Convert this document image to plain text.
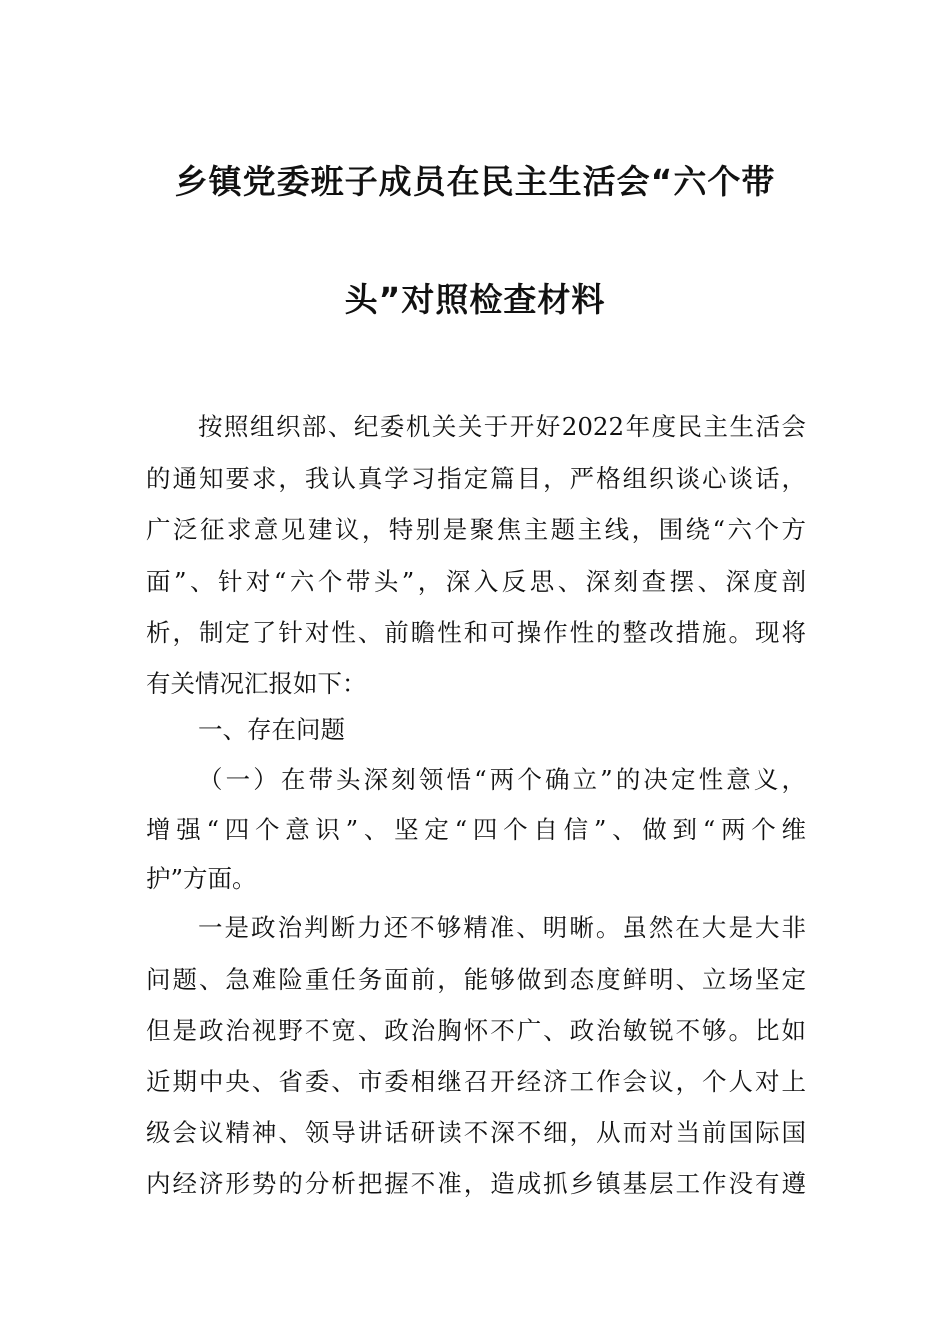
乡镇党委班子成员在民主生活会“六个带
头”对照检查材料
按照组织部、纪委机关关于开好2022年度民主生活会
的通知要求，我认真学习指定篇目，严格组织谈心谈话，
广泛征求意见建议，特别是聚焦主题主线，围绕“六个方
面”、针对“六个带头”，深入反思、深刻查摆、深度剖
析，制定了针对性、前瞻性和可操作性的整改措施。现将
有关情况汇报如下：
一、存在问题
（一）在带头深刻领悟“两个确立”的决定性意义，
增强“四个意识”、坚定“四个自信”、做到“两个维
护”方面。
一是政治判断力还不够精准、明晰。虽然在大是大非
问题、急难险重任务面前，能够做到态度鲜明、立场坚定
但是政治视野不宽、政治胸怀不广、政治敏锐不够。比如
近期中央、省委、市委相继召开经济工作会议，个人对上
级会议精神、领导讲话研读不深不细，从而对当前国际国
内经济形势的分析把握不准，造成抓乡镇基层工作没有遵
